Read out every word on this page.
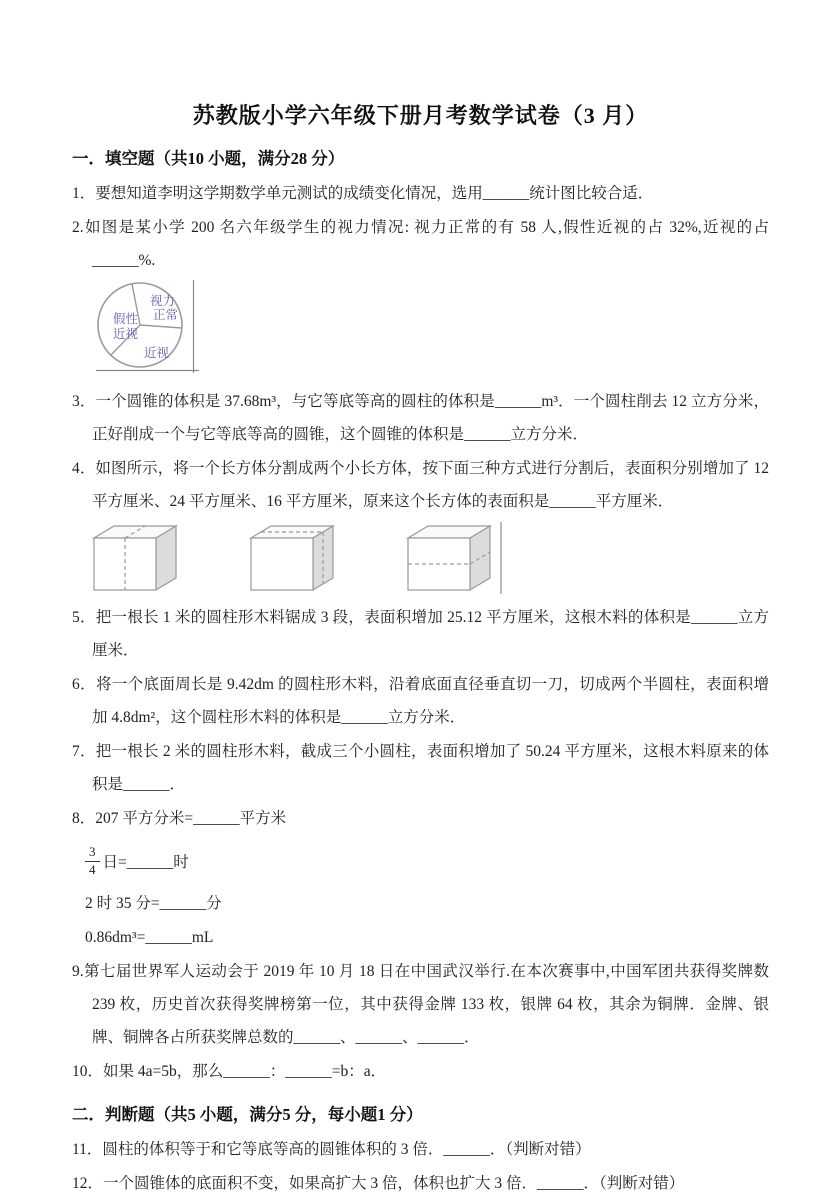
苏教版小学六年级下册月考数学试卷（3 月）
一．填空题（共10 小题，满分28 分）

1．要想知道李明这学期数学单元测试的成绩变化情况，选用______统计图比较合适．

2.如图是某小学 200 名六年级学生的视力情况: 视力正常的有 58 人,假性近视的占 32%,近视的占______%.

视力 正常
假性 近视
近视

3．一个圆锥的体积是 37.68m³，与它等底等高的圆柱的体积是______m³．一个圆柱削去 12 立方分米，正好削成一个与它等底等高的圆锥，这个圆锥的体积是______立方分米．

4．如图所示，将一个长方体分割成两个小长方体，按下面三种方式进行分割后，表面积分别增加了 12 平方厘米、24 平方厘米、16 平方厘米，原来这个长方体的表面积是______平方厘米．

5．把一根长 1 米的圆柱形木料锯成 3 段，表面积增加 25.12 平方厘米，这根木料的体积是______立方厘米．

6．将一个底面周长是 9.42dm 的圆柱形木料，沿着底面直径垂直切一刀，切成两个半圆柱，表面积增加 4.8dm²，这个圆柱形木料的体积是______立方分米．

7．把一根长 2 米的圆柱形木料，截成三个小圆柱，表面积增加了 50.24 平方厘米，这根木料原来的体积是______．

8．207 平方分米=______平方米

$\frac{3}{4}$ 日=______时

2 时 35 分=______分

0.86dm³=______mL

9.第七届世界军人运动会于 2019 年 10 月 18 日在中国武汉举行.在本次赛事中,中国军团共获得奖牌数 239 枚，历史首次获得奖牌榜第一位，其中获得金牌 133 枚，银牌 64 枚，其余为铜牌．金牌、银牌、铜牌各占所获奖牌总数的______、______、______．

10．如果 4a=5b，那么______：______=b：a．

二．判断题（共5 小题，满分5 分，每小题1 分）

11．圆柱的体积等于和它等底等高的圆锥体积的 3 倍．______．（判断对错）

12．一个圆锥体的底面积不变，如果高扩大 3 倍，体积也扩大 3 倍．______．（判断对错）
